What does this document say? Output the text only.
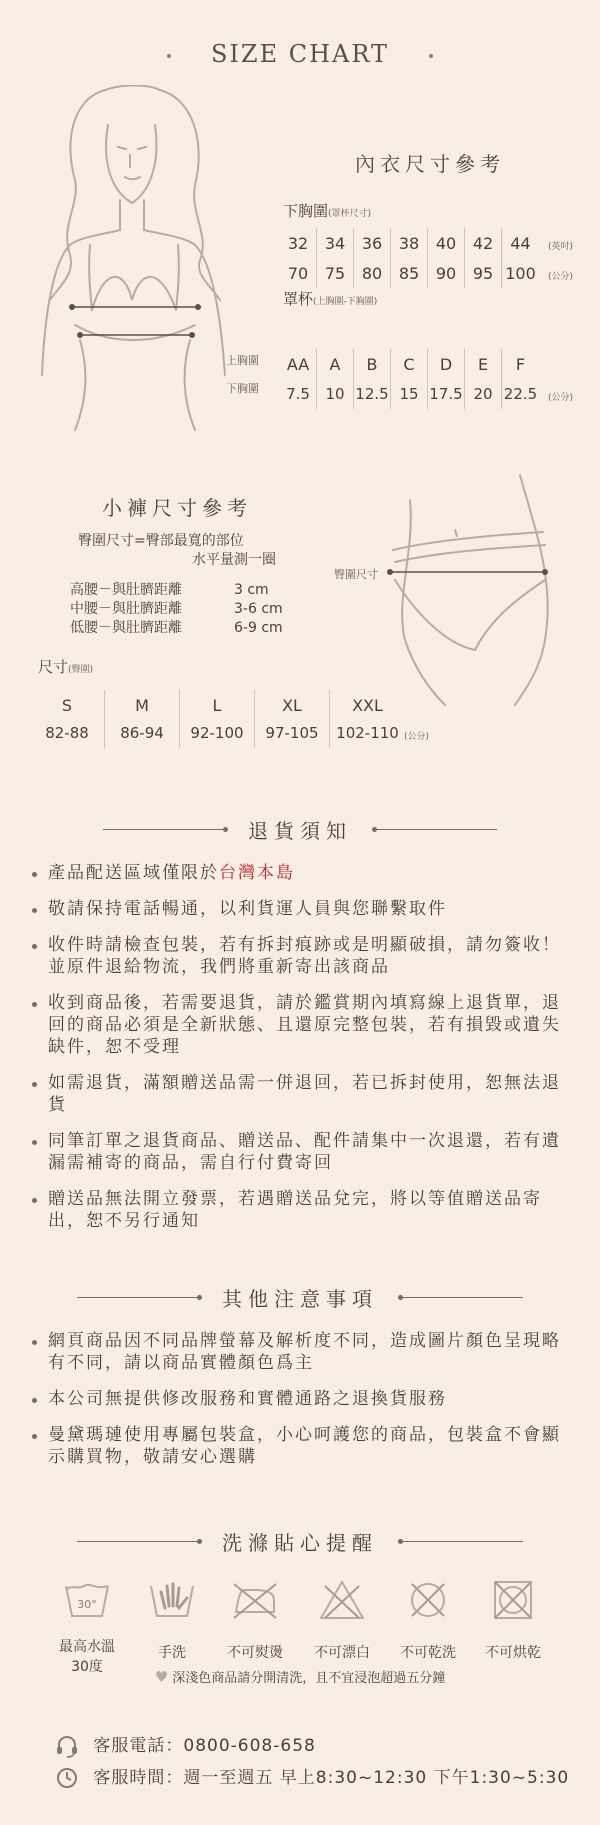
SIZE CHART
上胸圍
下胸圍
內衣尺寸參考
下胸圍(罩杯尺寸)
32	34	36	38	40	42	44	(英吋)
70	75	80	85	90	95 100	(公分)
罩杯(上胸圍-下胸圍)
AA	A	B	C	D	E	F
7.5	10 12.5 15 17.5 20 22.5 (公分)
小褲尺寸參考
臀圍尺寸=臀部最寬的部位
水平量測一圈
高腰－與肚臍距離	3 cm
中腰－與肚臍距離	3-6 cm
低腰－與肚臍距離	6-9 cm
尺寸(臀圍)
S	M	L	XL	XXL
82-88	86-94	92-100	97-105	102-110 (公分)
臀圍尺寸
退貨須知
產品配送區域僅限於台灣本島
敬請保持電話暢通，以利貨運人員與您聯繫取件
收件時請檢查包裝，若有拆封痕跡或是明顯破損，請勿簽收！並原件退給物流，我們將重新寄出該商品
收到商品後，若需要退貨，請於鑑賞期內填寫線上退貨單，退回的商品必須是全新狀態、且還原完整包裝，若有損毀或遺失缺件，恕不受理
如需退貨，滿額贈送品需一併退回，若已拆封使用，恕無法退貨
同筆訂單之退貨商品、贈送品、配件請集中一次退還，若有遺漏需補寄的商品，需自行付費寄回
贈送品無法開立發票，若遇贈送品兌完，將以等值贈送品寄出，恕不另行通知
其他注意事項
網頁商品因不同品牌螢幕及解析度不同，造成圖片顏色呈現略有不同，請以商品實體顏色爲主
本公司無提供修改服務和實體通路之退換貨服務
曼黛瑪璉使用專屬包裝盒，小心呵護您的商品，包裝盒不會顯示購買物，敬請安心選購
洗滌貼心提醒
30°
最高水溫
30度
手洗	不可熨燙	不可漂白	不可乾洗	不可烘乾
♥ 深淺色商品請分開清洗，且不宜浸泡超過五分鐘
客服電話：0800-608-658
客服時間：週一至週五 早上8:30~12:30 下午1:30~5:30
